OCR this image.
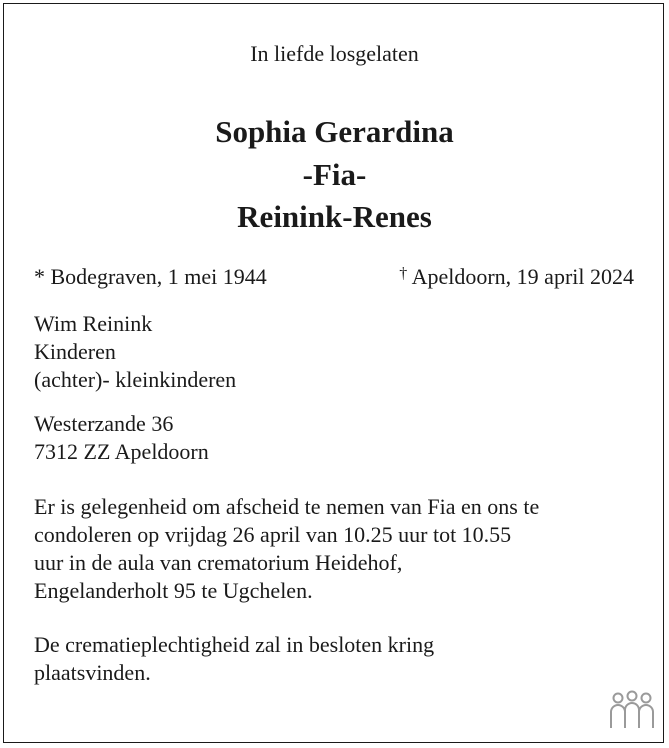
In liefde losgelaten
Sophia Gerardina
-Fia-
Reinink-Renes
* Bodegraven, 1 mei 1944	† Apeldoorn, 19 april 2024
Wim Reinink
Kinderen
(achter)- kleinkinderen
Westerzande 36
7312 ZZ Apeldoorn
Er is gelegenheid om afscheid te nemen van Fia en ons te
condoleren op vrijdag 26 april van 10.25 uur tot 10.55
uur in de aula van crematorium Heidehof,
Engelanderholt 95 te Ugchelen.
De crematieplechtigheid zal in besloten kring
plaatsvinden.
